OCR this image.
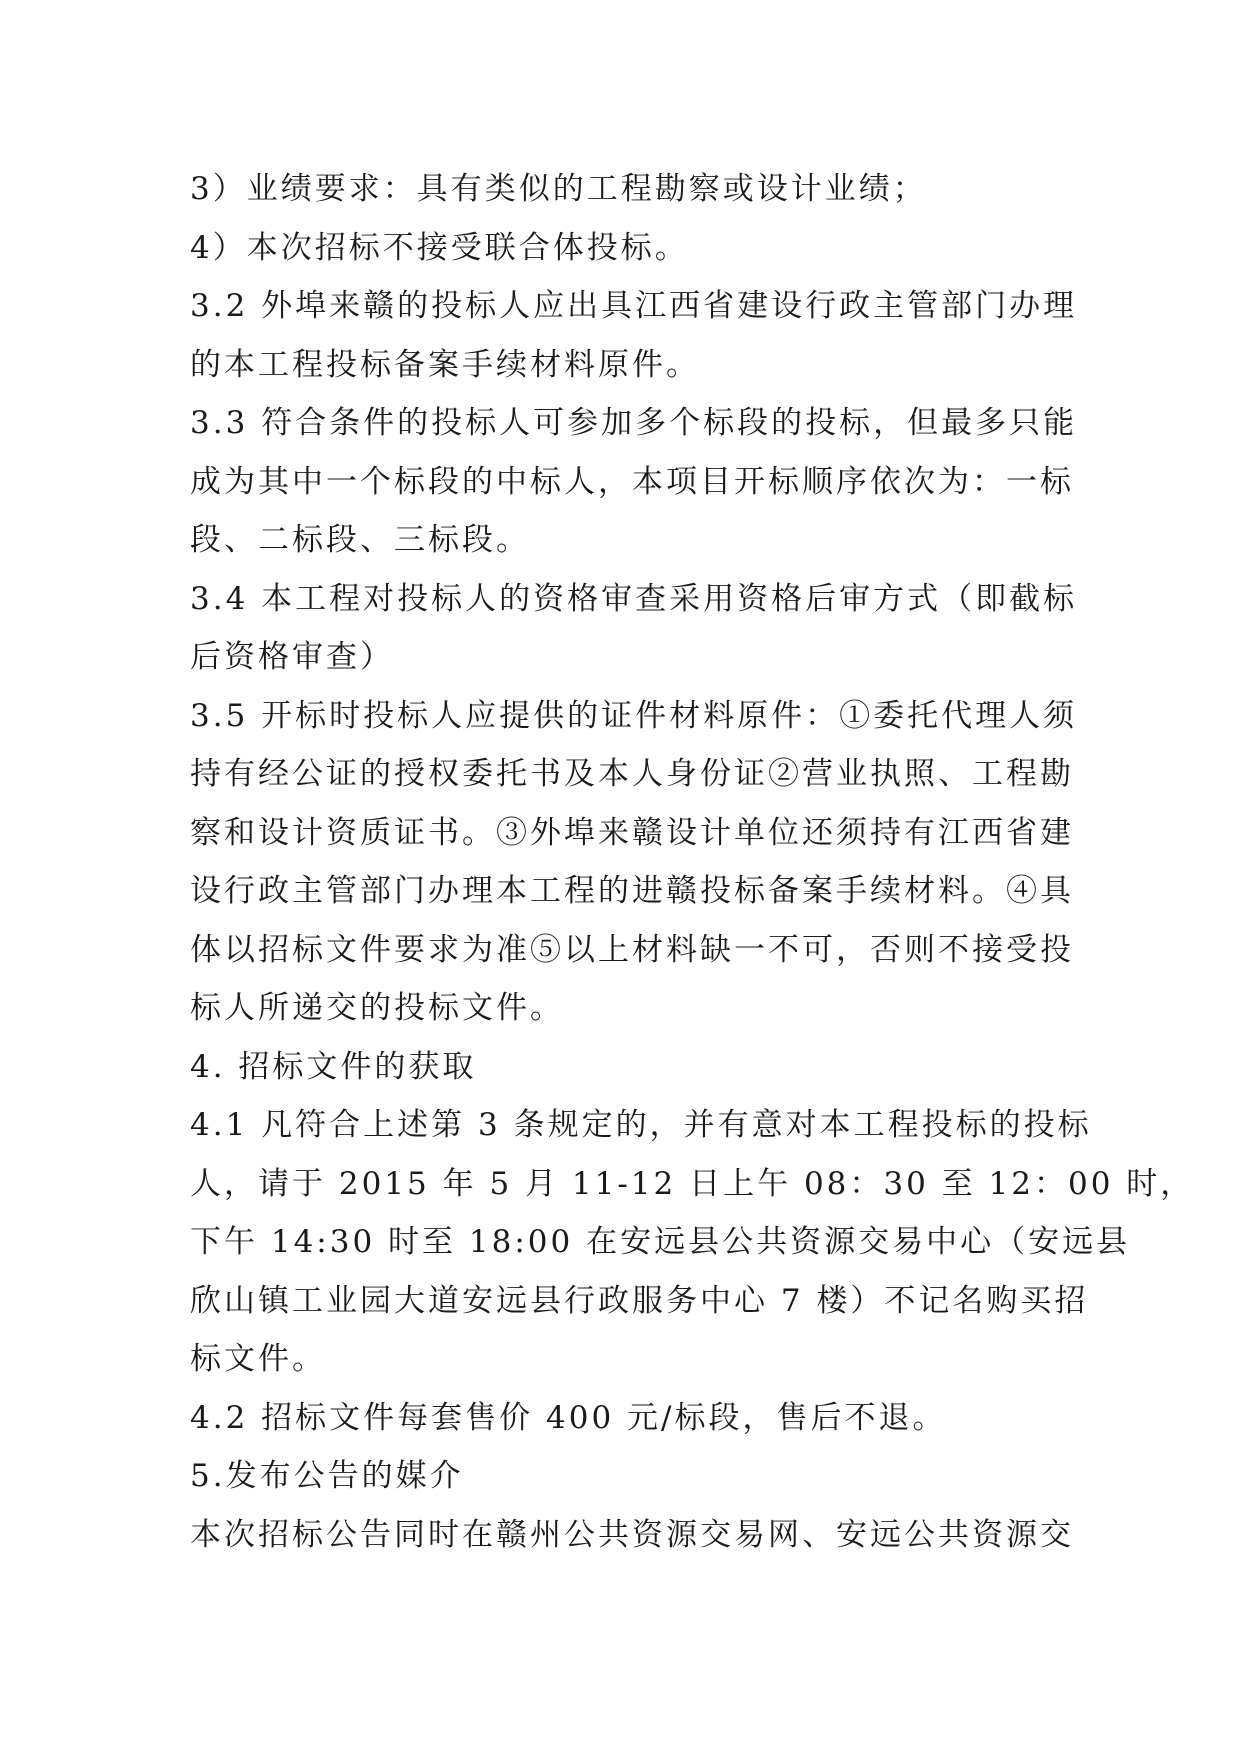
3）业绩要求：具有类似的工程勘察或设计业绩；
4）本次招标不接受联合体投标。
3.2 外埠来赣的投标人应出具江西省建设行政主管部门办理
的本工程投标备案手续材料原件。
3.3 符合条件的投标人可参加多个标段的投标，但最多只能
成为其中一个标段的中标人，本项目开标顺序依次为：一标
段、二标段、三标段。
3.4 本工程对投标人的资格审查采用资格后审方式（即截标
后资格审查）
3.5 开标时投标人应提供的证件材料原件：①委托代理人须
持有经公证的授权委托书及本人身份证②营业执照、工程勘
察和设计资质证书。③外埠来赣设计单位还须持有江西省建
设行政主管部门办理本工程的进赣投标备案手续材料。④具
体以招标文件要求为准⑤以上材料缺一不可，否则不接受投
标人所递交的投标文件。
4. 招标文件的获取
4.1 凡符合上述第 3 条规定的，并有意对本工程投标的投标
人，请于 2015 年 5 月 11-12 日上午 08：30 至 12：00 时，
下午 14:30 时至 18:00 在安远县公共资源交易中心（安远县
欣山镇工业园大道安远县行政服务中心 7 楼）不记名购买招
标文件。
4.2 招标文件每套售价 400 元/标段，售后不退。
5.发布公告的媒介
本次招标公告同时在赣州公共资源交易网、安远公共资源交
